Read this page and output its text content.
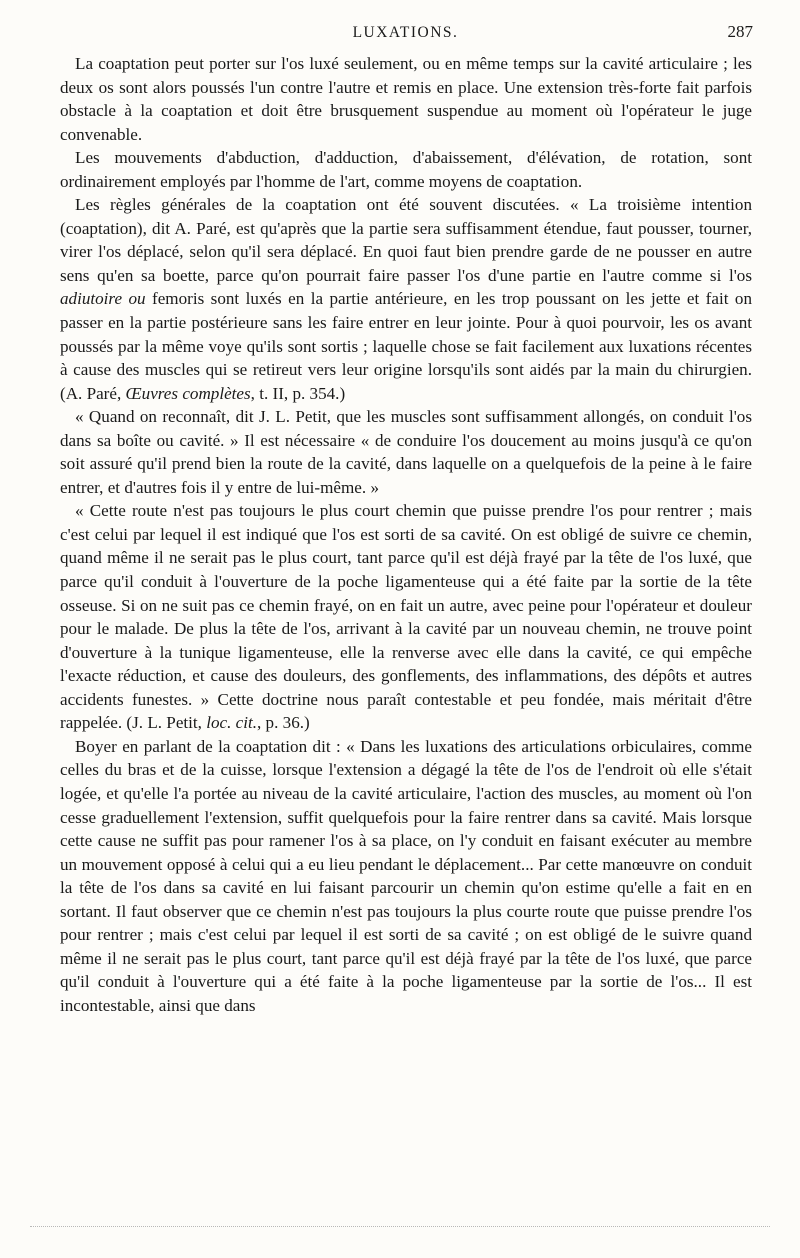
LUXATIONS.	287

La coaptation peut porter sur l'os luxé seulement, ou en même temps sur la cavité articulaire ; les deux os sont alors poussés l'un contre l'autre et remis en place. Une extension très-forte fait parfois obstacle à la coaptation et doit être brusquement suspendue au moment où l'opérateur le juge convenable.

Les mouvements d'abduction, d'adduction, d'abaissement, d'élévation, de rotation, sont ordinairement employés par l'homme de l'art, comme moyens de coaptation.

Les règles générales de la coaptation ont été souvent discutées. « La troisième intention (coaptation), dit A. Paré, est qu'après que la partie sera suffisamment étendue, faut pousser, tourner, virer l'os déplacé, selon qu'il sera déplacé. En quoi faut bien prendre garde de ne pousser en autre sens qu'en sa boette, parce qu'on pourrait faire passer l'os d'une partie en l'autre comme si l'os adiutoire ou femoris sont luxés en la partie antérieure, en les trop poussant on les jette et fait on passer en la partie postérieure sans les faire entrer en leur jointe. Pour à quoi pourvoir, les os avant poussés par la même voye qu'ils sont sortis ; laquelle chose se fait facilement aux luxations récentes à cause des muscles qui se retireut vers leur origine lorsqu'ils sont aidés par la main du chirurgien. (A. Paré, Œuvres complètes, t. II, p. 354.)

« Quand on reconnaît, dit J. L. Petit, que les muscles sont suffisamment allongés, on conduit l'os dans sa boîte ou cavité. » Il est nécessaire « de conduire l'os doucement au moins jusqu'à ce qu'on soit assuré qu'il prend bien la route de la cavité, dans laquelle on a quelquefois de la peine à le faire entrer, et d'autres fois il y entre de lui-même. »

« Cette route n'est pas toujours le plus court chemin que puisse prendre l'os pour rentrer ; mais c'est celui par lequel il est indiqué que l'os est sorti de sa cavité. On est obligé de suivre ce chemin, quand même il ne serait pas le plus court, tant parce qu'il est déjà frayé par la tête de l'os luxé, que parce qu'il conduit à l'ouverture de la poche ligamenteuse qui a été faite par la sortie de la tête osseuse. Si on ne suit pas ce chemin frayé, on en fait un autre, avec peine pour l'opérateur et douleur pour le malade. De plus la tête de l'os, arrivant à la cavité par un nouveau chemin, ne trouve point d'ouverture à la tunique ligamenteuse, elle la renverse avec elle dans la cavité, ce qui empêche l'exacte réduction, et cause des douleurs, des gonflements, des inflammations, des dépôts et autres accidents funestes. » Cette doctrine nous paraît contestable et peu fondée, mais méritait d'être rappelée. (J. L. Petit, loc. cit., p. 36.)

Boyer en parlant de la coaptation dit : « Dans les luxations des articulations orbiculaires, comme celles du bras et de la cuisse, lorsque l'extension a dégagé la tête de l'os de l'endroit où elle s'était logée, et qu'elle l'a portée au niveau de la cavité articulaire, l'action des muscles, au moment où l'on cesse graduellement l'extension, suffit quelquefois pour la faire rentrer dans sa cavité. Mais lorsque cette cause ne suffit pas pour ramener l'os à sa place, on l'y conduit en faisant exécuter au membre un mouvement opposé à celui qui a eu lieu pendant le déplacement... Par cette manœuvre on conduit la tête de l'os dans sa cavité en lui faisant parcourir un chemin qu'on estime qu'elle a fait en en sortant. Il faut observer que ce chemin n'est pas toujours la plus courte route que puisse prendre l'os pour rentrer ; mais c'est celui par lequel il est sorti de sa cavité ; on est obligé de le suivre quand même il ne serait pas le plus court, tant parce qu'il est déjà frayé par la tête de l'os luxé, que parce qu'il conduit à l'ouverture qui a été faite à la poche ligamenteuse par la sortie de l'os... Il est incontestable, ainsi que dans
